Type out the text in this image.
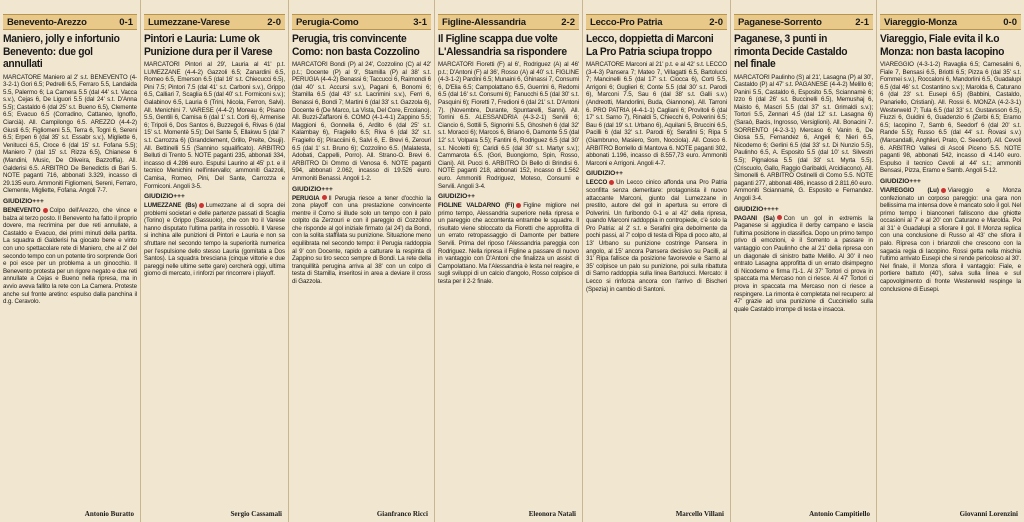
Benevento-Arezzo	0-1
Maniero, jolly e infortunio Benevento: due gol annullati
MARCATORE Maniero al 2' s.t. BENEVENTO (4-3-2-1) Gori 6.5; Pedrelli 6.5, Ferraro 5.5, Landaida 5.5, Palermo 6; La Camera 5.5 (dal 44' s.t. Vacca s.v.), Cejas 6, De Liguori 5.5 (dal 24' s.t. D'Anna 5.5); Castaldo 6 (dal 25' s.t. Bueno 6.5), Clemente 6.5; Evacuo 6.5 (Corradino, Cattaneo, Ignoffo, Ciarcià). All. Campilongo 6.5. AREZZO (4-4-2) Giusti 6.5; Figliomeni 5.5, Terra 6, Togni 6, Sereni 6.5; Erpen 6 (dal 35' s.t. Essabr s.v.), Migliette 6, Venitucci 6.5, Croce 6 (dal 15' s.t. Fofana 5.5); Maniero 7 (dal 15' s.t. Rizza 6.5), Chianese 6 (Mandini, Music, De Oliveira, Bazzoffia). All. Galderisi 6.5. ARBITRO De Benedictis di Bari 5. NOTE paganti 716, abbonati 3.329, incasso di 29.135 euro. Ammoniti Figliomeni, Sereni, Ferraro, Clemente, Migliette, Fofana. Angoli 7-7.
GIUDIZIO+++
BENEVENTO Colpo dell'Arezzo, che vince e balza al terzo posto. Il Benevento ha fatto il proprio dovere, ma recrimina per due reti annullate, a Castaldo e Evacuo, dei primi minuti della partita. La squadra di Galderisi ha giocato bene e vinto con uno spettacolare rete di Maniero, che al 2' del secondo tempo con un potente tiro sorprende Gori e poi esce per un problema a un ginocchio. Il Benevento protesta per un rigore negato e due reti annullate a Cejas e Bueno nella ripresa, ma in avvio aveva fallito la rete con La Camera. Proteste anche sul fronte aretino: espulso dalla panchina il d.g. Ceravolo.
Antonio Buratto
Lumezzane-Varese	2-0
Pintori e Lauria: Lume ok Punizione dura per il Varese
MARCATORI Pintori al 29', Lauria al 41' p.t. LUMEZZANE (4-4-2) Gazzoli 6.5; Zanardini 6.5, Romeo 6.5, Emerson 6.5 (dal 16' s.t. Chiecucci 6.5), Pini 7.5; Pintori 7.5 (dal 41' s.t. Carboni s.v.), Grippo 6.5, Calliari 7, Scaglia 6.5 (dal 40' s.t. Formiconi s.v.); Galabinov 6.5, Lauria 6 (Trini, Nicola, Ferron, Salvi). All. Menichini 7. VARESE (4-4-2) Moreau 6; Pisano 5.5, Gentili 6, Camisa 6 (dal 1' s.t. Corti 6), Armenise 6; Tripoli 6, Dos Santos 6, Buzzegoli 6, Rivas 6 (dal 15' s.t. Momentè 5.5); Del Sante 5, Ellakwu 5 (dal 7' s.t. Carrozza 6) (Grandclement, Grillo, Preite, Osuji). All. Bettinelli 5.5 (Sannino squalificato). ARBITRO Belluti di Trento 5. NOTE paganti 235, abbonati 334, incasso di 4.286 euro. Espulsi Laurino al 45' p.t. e il tecnico Menichini nell'intervallo; ammoniti Gazzoli, Camisa, Romeo, Pini, Del Sante, Carrozza e Formiconi. Angoli 3-5.
GIUDIZIO+++
LUMEZZANE (Bs) Lumezzane al di sopra dei problemi societari e delle partenze passati di Scaglia (Torino) e Grippo (Sassuolo), che con tro il Varese hanno disputato l'ultima partita in rossoblù. Il Varese si inchina alle punizioni di Pintori e Lauria e non sa sfruttare nel secondo tempo la superiorità numerica per l'espulsione dello stesso Lauria (gomitata a Dos Santos). La squadra bresciana (cinque vittorie e due pareggi nelle ultime sette gare) cercherà oggi, ultima giorno di mercato, i rinforzi per rincorrere i playoff.
Sergio Cassamali
Perugia-Como	3-1
Perugia, tris convincente Como: non basta Cozzolino
MARCATORI Bondi (P) al 24', Cozzolino (C) al 42' p.t.; Docente (P) al 9', Stamilla (P) al 38' s.t. PERUGIA (4-4-2) Benassi 6; Taccucci 6, Raimondi 6 (dal 40' s.t. Accursi s.v.), Pagani 6, Bonomi 6; Stamilla 6.5 (dal 43' s.t. Lacrimini s.v.), Ferri 6, Benassi 6, Bondi 7; Martini 6 (dal 33' s.t. Gazzola 6), Docente 6 (De Marco, La Vista, Del Core, Ercolano). All. Buzzi-Zaffaroni 6. COMO (4-1-4-1) Zappino 5.5; Maggioni 6, Gonnella 6, Ardito 6 (dal 25' s.t. Kalambay 6), Fragiello 6.5; Riva 6 (dal 32' s.t. Fragiello 6); Piracciini 6, Salvi 6, E. Brevi 6, Zerouri 6.5 (dal 1' s.t. Bruno 6); Cozzolino 6.5. (Malatesta, Adobati, Cappelli, Porro). All. Strano-O. Brevi 6. ARBITRO Di Ommo di Venosa 6. NOTE paganti 594, abbonati 2.062, incasso di 19.526 euro. Ammoniti Benassi. Angoli 1-2.
GIUDIZIO+++
PERUGIA Il Perugia riesce a tener d'occhio la zona playoff con una prestazione convincente mentre il Como si illude solo un tempo con il palo colpito da Zerzouri e con il pareggio di Cozzolino che risponde al gol iniziale firmato (al 24') da Bondi, con la solita staffilata su punizione. Situazione meno equilibrata nel secondo tempo: il Perugia raddoppia al 9' con Docente, rapido a catturare la respinta di Zappino su tiro secco sempre di Bondi. La rete della tranquillità perugina arriva al 38' con un colpo di testa di Stamilla, inseritosi in area a deviare il cross di Gazzola.
Gianfranco Ricci
Figline-Alessandria	2-2
Il Figline scappa due volte L'Alessandria sa rispondere
MARCATORI Fioretti (F) al 6', Rodriguez (A) al 46' p.t.; D'Antoni (F) al 36', Rosso (A) al 40' s.t. FIGLINE (4-3-1-2) Pardini 6.5; Munaini 6, Ghinassi 7, Consumi 6, D'Elia 6.5; Campolattano 6.5, Guerrini 6, Redomi 6.5 (dal 16' s.t. Consumi 6); Fanucchi 6.5 (dal 30' s.t. Pasquini 6); Fioretti 7, Fredioni 6 (dal 21' s.t. D'Antoni 7). (Novembre, Durante, Spuntarelli, Sanni). All. Torrini 6.5. ALESSANDRIA (4-3-2-1) Servili 6; Ciancio 6, Sottili 5, Signorini 5.5, Ghosheh 6 (dal 32' s.t. Moracci 6); Marcos 6, Briano 6, Damonte 5.5 (dal 12' s.t. Volpara 5.5); Fantini 6, Rodriguez 6.5 (dal 30' s.t. Nicoletti 6); Caridi 6.5 (dal 30' s.t. Martyr s.v.); Cammarota 6.5. (Gori, Buongiorno, Spin, Rosso, Ciani). All. Pucci 6. ARBITRO Di Bello di Brindisi 6. NOTE paganti 218, abbonati 152, incasso di 1.562 euro. Ammoniti Rodriguez, Moteso, Consumi e Servili. Angoli 3-4.
GIUDIZIO++
FIGLINE VALDARNO (Fi) Figline migliore nel primo tempo, Alessandria superiore nella ripresa e un pareggio che accontenta entrambe le squadre. Il risultato viene sbloccato da Fioretti che approfitta di un errato retropassaggio di Damonte per battere Servili. Prima del riposo l'Alessandria pareggia con Rodriguez. Nella ripresa il Figline a passare di nuovo in vantaggio con D'Antoni che finalizza un assist di Campolattano. Ma l'Alessandria è lesta nel reagire, e sugli sviluppi di un calcio d'angolo, Rosso colpisce di testa per il 2-2 finale.
Eleonora Natali
Lecco-Pro Patria	2-0
Lecco, doppietta di Marconi La Pro Patria sciupa troppo
MARCATORE Marconi al 21' p.t. e al 42' s.t. LECCO (3-4-3) Pansera 7; Mateo 7, Villagatti 6.5, Bartolucci 7; Mancinelli 6.5 (dal 17' s.t. Ciocca 6), Corti 5.5, Arrigoni 6; Guglieri 6; Conte 5.5 (dal 30' s.t. Parodi 6), Marconi 7.5, Sau 6 (dal 38' s.t. Galli s.v.) (Andreotti, Mandorlini, Buda, Giannone). All. Tarroni 6. PRO PATRIA (4-4-1-1) Cagliani 6; Provitoli 6 (dal 17' s.t. Sarno 7), Rinaldi 5, Chiecchi 6, Polverini 6.5; Bau 6 (dal 19' s.t. Urbano 6), Aquilani 5, Bruccini 6.5, Pacilli 6 (dal 32' s.t. Parodi 6); Serafini 5; Ripa 5 (Giambruno, Masiero, Som, Nocciola). All. Cosco 6. ARBITRO Borriello di Mantova 6. NOTE paganti 302, abbonati 1.196, incasso di 8.557,73 euro. Ammoniti Marconi e Arrigoni. Angoli 4-7.
GIUDIZIO++
LECCO Un Lecco cinico affonda una Pro Patria sconfitta senza demeritare: protagonista il nuovo attaccante Marconi, giunto dal Lumezzane in prestito, autore del gol in apertura su errore di Polverini. Un furibondo 0-1 e al 42' della ripresa, quando Marconi raddoppia in contropiede, c'è solo la Pro Patria: al 2' s.t. e Serafini gira debolmente da pochi passi, al 7' colpo di testa di Ripa di poco alto, al 13' Urbano su punizione costringe Pansera in angolo, al 15' ancora Pansera decisivo su Pacilli, al 31' Ripa fallisce da posizione favorevole e Sarno al 35' colpisce un palo su punizione, poi sulla ribattuta di Sarno raddoppia sulla linea Bartolucci. Mercato: il Lecco si rinforza ancora con l'arrivo di Bischeri (Spezia) in cambio di Santoni.
Marcello Villani
Paganese-Sorrento	2-1
Paganese, 3 punti in rimonta Decide Castaldo nel finale
MARCATORI Paulinho (S) al 21', Lasagna (P) al 30', Castaldo (P) al 47' s.t. PAGANESE (4-4-2) Melillo 6; Panini 5.5, Castaldo 6, Esposito 5.5, Sciannamè 6; Izzo 6 (dal 26' s.t. Buccinelli 6.5), Memushaj 6, Maisto 6, Mascri 5.5 (dal 37' s.t. Grimaldi s.v.); Tortori 5.5, Zennari 4.5 (dal 12' s.t. Lasagna 6) (Saraò, Bacis, Ingrosso, Versiglioni). All. Bonacini 7. SORRENTO (4-2-3-1) Mercaso 6; Vanin 6, De Giosa 5.5, Fernandez 6, Angeli 6; Nieri 6.5, Nicodemo 6; Gerlini 6.5 (dal 33' s.t. Di Nunzio 5.5), Paulinho 6.5, A. Esposito 5.5 (dal 10' s.t. Silvestri 5.5); Pignalosa 5.5 (dal 33' s.t. Myrta 5.5). (Criscuolo, Gallo, Raggio Garibaldi, Arcidiacono). All. Simonelli 6. ARBITRO Ostinelli di Como 5.5. NOTE paganti 277, abbonati 486, incasso di 2.811,60 euro. Ammoniti Sciannamè, G. Esposito e Fernandez. Angoli 3-4.
GIUDIZIO++++
PAGANI (Sa) Con un gol in extremis la Paganese si aggiudica il derby campano e lascia l'ultima posizione in classifica. Dopo un primo tempo privo di emozioni, è il Sorrento a passare in vantaggio con Paulinho che al 21' della ripresa con un diagonale di sinistro batte Melillo. Al 30' il neo entrato Lasagna approfitta di un errato disimpegno di Nicodemo e firma l'1-1. Al 37' Tortori ci prova in spaccata ma Mercaso non ci riesce. Al 47' Tortori ci prova in spaccata ma Mercaso non ci riesce a respingere. La rimonta è completata nel recupero: al 47' grazie ad una punizione di Cucciniello sulla quale Castaldo irrompe di testa e insacca.
Antonio Campitiello
Viareggio-Monza	0-0
Viareggio, Fiale evita il k.o Monza: non basta Iacopino
VIAREGGIO (4-3-1-2) Ravaglia 6.5; Carnesalini 6, Fiale 7, Bensasi 6.5, Briotti 6.5; Pizza 6 (dal 35' s.t. Fommei s.v.), Roccaloni 6, Mandorlini 6.5, Guadalupi 6.5 (dal 46' s.t. Costantino s.v.); Marolda 6, Caturano 6 (dal 23' s.t. Eusepi 6.5) (Babbini, Castaldo, Panariello, Cristiani). All. Rossi 6. MONZA (4-2-3-1) Westerweld 7; Tula 6.5 (dal 33' s.t. Gustavsson 6.5), Fiuzzi 6, Guidini 6, Guadenzio 6 (Zerbi 6.5; Eramo 6.5; Iacopino 7, Samb 6, Seedorf 6 (dal 20' s.t. Rande 5.5); Russo 6.5 (dal 44' s.t. Rovasi s.v.) (Marcandalli, Anghileri, Prato, C. Seedorf). All. Cevoli 6. ARBITRO Vallesi di Ascoli Piceno 5.5. NOTE paganti 98, abbonati 542, incasso di 4.140 euro. Espulso il tecnico Cevoli al 44' s.t.; ammoniti Bensasi, Pizza, Eramo e Samb. Angoli 5-12.
GIUDIZIO+++
VIAREGGIO (Lu) Viareggio e Monza confezionato un corposo pareggio: una gara non bellissima ma intensa dove è mancato solo il gol. Nel primo tempo i bianconeri falliscono due ghiotte occasioni al 7' e al 20' con Caturano e Marolda. Poi al 31' è Guadalupi a sfiorare il gol. Il Monza replica con una conclusione di Russo al 43' che sfiora il palo. Ripresa con i brianzoli che crescono con la sagacia regia di Iacopino. Rossi getta nella mischia l'ultimo arrivato Eusepi che si rende pericoloso al 30'. Nel finale, il Monza sfiora il vantaggio: Fiale, e portiere battuto (40'), salva sulla linea e sul capovolgimento di fronte Westerweld respinge la conclusione di Eusepi.
Giovanni Lorenzini
